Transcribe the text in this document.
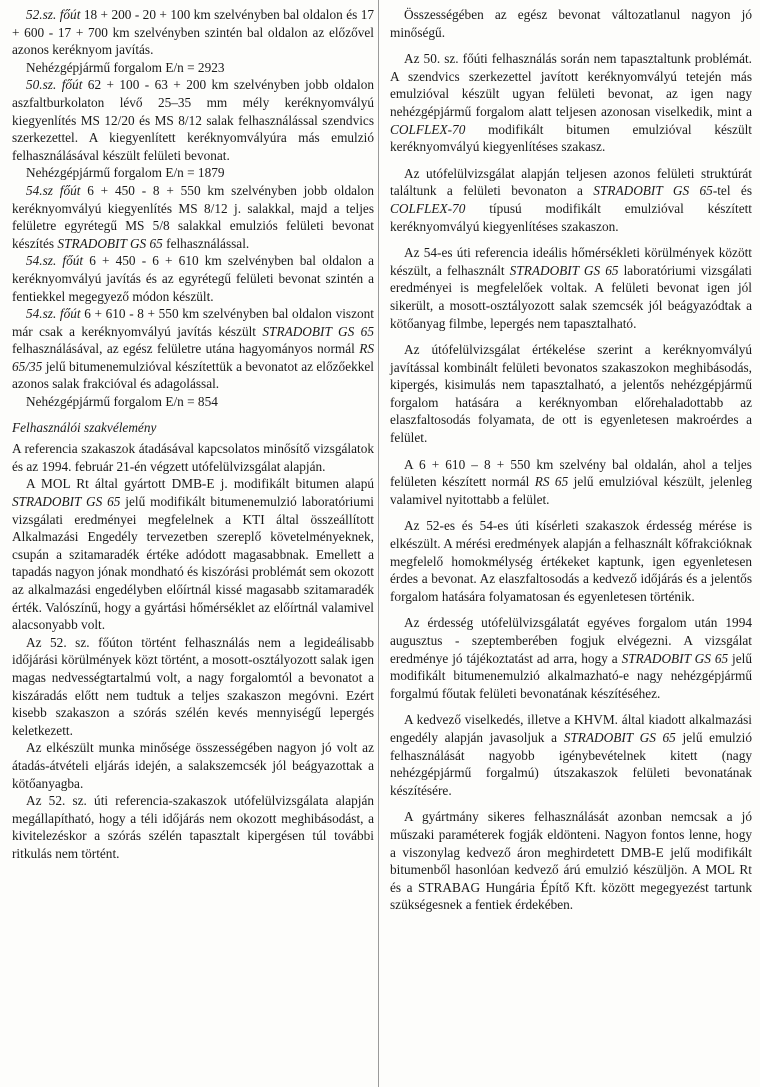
52.sz. főút 18 + 200 - 20 + 100 km szelvényben bal oldalon és 17 + 600 - 17 + 700 km szelvényben szintén bal oldalon az előzővel azonos keréknyom javítás.

Nehézgépjármű forgalom E/n = 2923

50.sz. főút 62 + 100 - 63 + 200 km szelvényben jobb oldalon aszfaltburkolaton lévő 25–35 mm mély keréknyomvályú kiegyenlítés MS 12/20 és MS 8/12 salak felhasználással szendvics szerkezettel. A kiegyenlített keréknyomvályúra más emulzió felhasználásával készült felületi bevonat.

Nehézgépjármű forgalom E/n = 1879

54.sz főút 6 + 450 - 8 + 550 km szelvényben jobb oldalon keréknyomvályú kiegyenlítés MS 8/12 j. salakkal, majd a teljes felületre egyrétegű MS 5/8 salakkal emulziós felületi bevonat készítés STRADOBIT GS 65 felhasználással.

54.sz. főút 6 + 450 - 6 + 610 km szelvényben bal oldalon a keréknyomvályú javítás és az egyrétegű felületi bevonat szintén a fentiekkel megegyező módon készült.

54.sz. főút 6 + 610 - 8 + 550 km szelvényben bal oldalon viszont már csak a keréknyomvályú javítás készült STRADOBIT GS 65 felhasználásával, az egész felületre utána hagyományos normál RS 65/35 jelű bitumenemulzióval készítettük a bevonatot az előzőekkel azonos salak frakcióval és adagolással.

Nehézgépjármű forgalom E/n = 854

Felhasználói szakvélemény

A referencia szakaszok átadásával kapcsolatos minősítő vizsgálatok és az 1994. február 21-én végzett utófelülvizsgálat alapján.

A MOL Rt által gyártott DMB-E j. modifikált bitumen alapú STRADOBIT GS 65 jelű modifikált bitumenemulzió laboratóriumi vizsgálati eredményei megfelelnek a KTI által összeállított Alkalmazási Engedély tervezetben szereplő követelményeknek, csupán a szitamaradék értéke adódott magasabbnak. Emellett a tapadás nagyon jónak mondható és kiszórási problémát sem okozott az alkalmazási engedélyben előírtnál kissé magasabb szitamaradék érték. Valószínű, hogy a gyártási hőmérséklet az előírtnál valamivel alacsonyabb volt.

Az 52. sz. főúton történt felhasználás nem a legideálisabb időjárási körülmények közt történt, a mosott-osztályozott salak igen magas nedvességtartalmú volt, a nagy forgalomtól a bevonatot a kiszáradás előtt nem tudtuk a teljes szakaszon megóvni. Ezért kisebb szakaszon a szórás szélén kevés mennyiségű lepergés keletkezett.

Az elkészült munka minősége összességében nagyon jó volt az átadás-átvételi eljárás idején, a salakszemcsék jól beágyazottak a kötőanyagba.

Az 52. sz. úti referencia-szakaszok utófelülvizsgálata alapján megállapítható, hogy a téli időjárás nem okozott meghibásodást, a kivitelezéskor a szórás szélén tapasztalt kipergésen túl további ritkulás nem történt.

Összességében az egész bevonat változatlanul nagyon jó minőségű.

Az 50. sz. főúti felhasználás során nem tapasztaltunk problémát. A szendvics szerkezettel javított keréknyomvályú tetején más emulzióval készült ugyan felületi bevonat, az igen nagy nehézgépjármű forgalom alatt teljesen azonosan viselkedik, mint a COLFLEX-70 modifikált bitumen emulzióval készült keréknyomvályú kiegyenlítéses szakasz.

Az utófelülvizsgálat alapján teljesen azonos felületi struktúrát találtunk a felületi bevonaton a STRADOBIT GS 65-tel és COLFLEX-70 típusú modifikált emulzióval készített keréknyomvályú kiegyenlítéses szakaszon.

Az 54-es úti referencia ideális hőmérsékleti körülmények között készült, a felhasznált STRADOBIT GS 65 laboratóriumi vizsgálati eredményei is megfelelőek voltak. A felületi bevonat igen jól sikerült, a mosott-osztályozott salak szemcsék jól beágyazódtak a kötőanyag filmbe, lepergés nem tapasztalható.

Az útófelülvizsgálat értékelése szerint a keréknyomvályú javítással kombinált felületi bevonatos szakaszokon meghibásodás, kipergés, kisimulás nem tapasztalható, a jelentős nehézgépjármű forgalom hatására a keréknyomban előrehaladottabb az elaszfaltosodás folyamata, de ott is egyenletesen makroérdes a felület.

A 6 + 610 – 8 + 550 km szelvény bal oldalán, ahol a teljes felületen készített normál RS 65 jelű emulzióval készült, jelenleg valamivel nyitottabb a felület.

Az 52-es és 54-es úti kísérleti szakaszok érdesség mérése is elkészült. A mérési eredmények alapján a felhasznált kőfrakcióknak megfelelő homokmélység értékeket kaptunk, igen egyenletesen érdes a bevonat. Az elaszfaltosodás a kedvező időjárás és a jelentős forgalom hatására folyamatosan és egyenletesen történik.

Az érdesség utófelülvizsgálatát egyéves forgalom után 1994 augusztus - szeptemberében fogjuk elvégezni. A vizsgálat eredménye jó tájékoztatást ad arra, hogy a STRADOBIT GS 65 jelű modifikált bitumenemulzió alkalmazható-e nagy nehézgépjármű forgalmú főutak felületi bevonatának készítéséhez.

A kedvező viselkedés, illetve a KHVM. által kiadott alkalmazási engedély alapján javasoljuk a STRADOBIT GS 65 jelű emulzió felhasználását nagyobb igénybevételnek kitett (nagy nehézgépjármű forgalmú) útszakaszok felületi bevonatának készítésére.

A gyártmány sikeres felhasználását azonban nemcsak a jó műszaki paraméterek fogják eldönteni. Nagyon fontos lenne, hogy a viszonylag kedvező áron meghirdetett DMB-E jelű modifikált bitumenből hasonlóan kedvező árú emulzió készüljön. A MOL Rt és a STRABAG Hungária Építő Kft. között megegyezést tartunk szükségesnek a fentiek érdekében.
